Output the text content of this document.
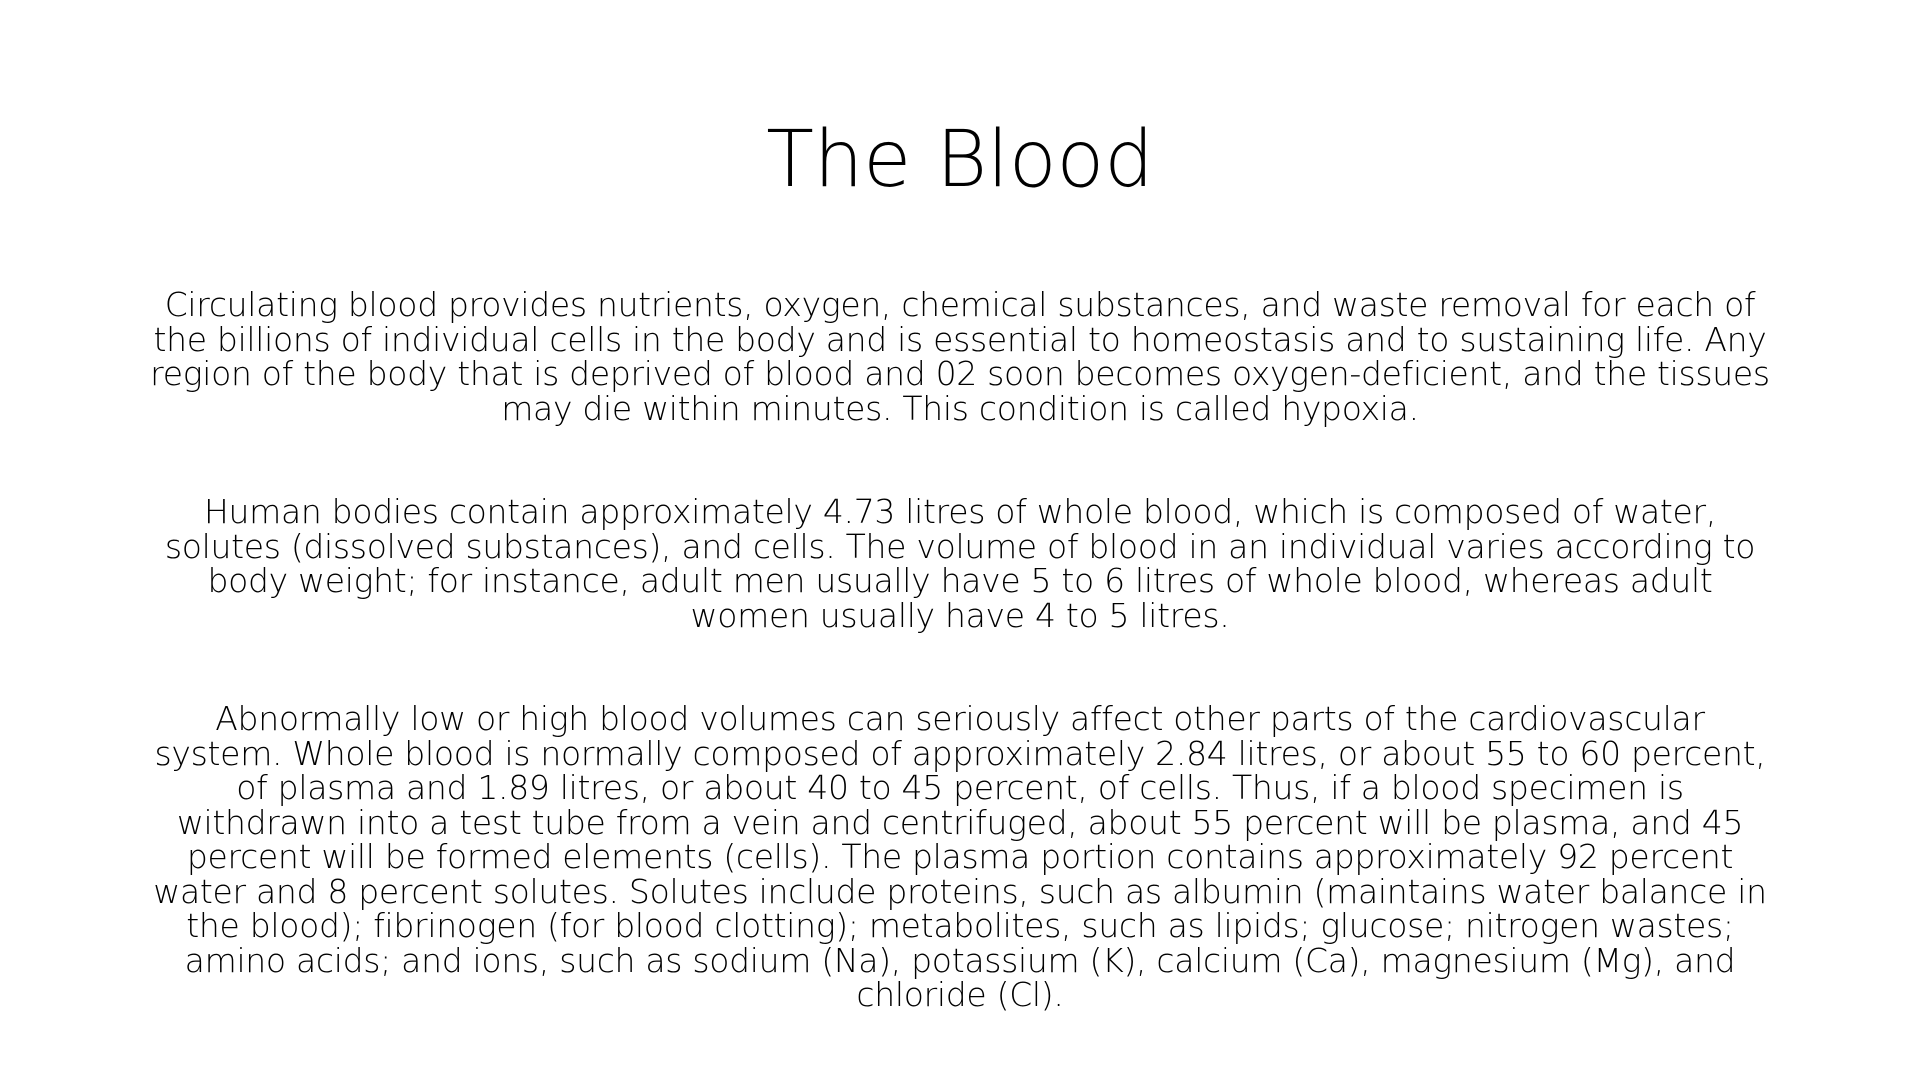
The Blood

Circulating blood provides nutrients, oxygen, chemical substances, and waste removal for each of the billions of individual cells in the body and is essential to homeostasis and to sustaining life. Any region of the body that is deprived of blood and 02 soon becomes oxygen-deficient, and the tissues may die within minutes. This condition is called hypoxia.

Human bodies contain approximately 4.73 litres of whole blood, which is composed of water, solutes (dissolved substances), and cells. The volume of blood in an individual varies according to body weight; for instance, adult men usually have 5 to 6 litres of whole blood, whereas adult women usually have 4 to 5 litres.

Abnormally low or high blood volumes can seriously affect other parts of the cardiovascular system. Whole blood is normally composed of approximately 2.84 litres, or about 55 to 60 percent, of plasma and 1.89 litres, or about 40 to 45 percent, of cells. Thus, if a blood specimen is withdrawn into a test tube from a vein and centrifuged, about 55 percent will be plasma, and 45 percent will be formed elements (cells). The plasma portion contains approximately 92 percent water and 8 percent solutes. Solutes include proteins, such as albumin (maintains water balance in the blood); fibrinogen (for blood clotting); metabolites, such as lipids; glucose; nitrogen wastes; amino acids; and ions, such as sodium (Na), potassium (K), calcium (Ca), magnesium (Mg), and chloride (Cl).
